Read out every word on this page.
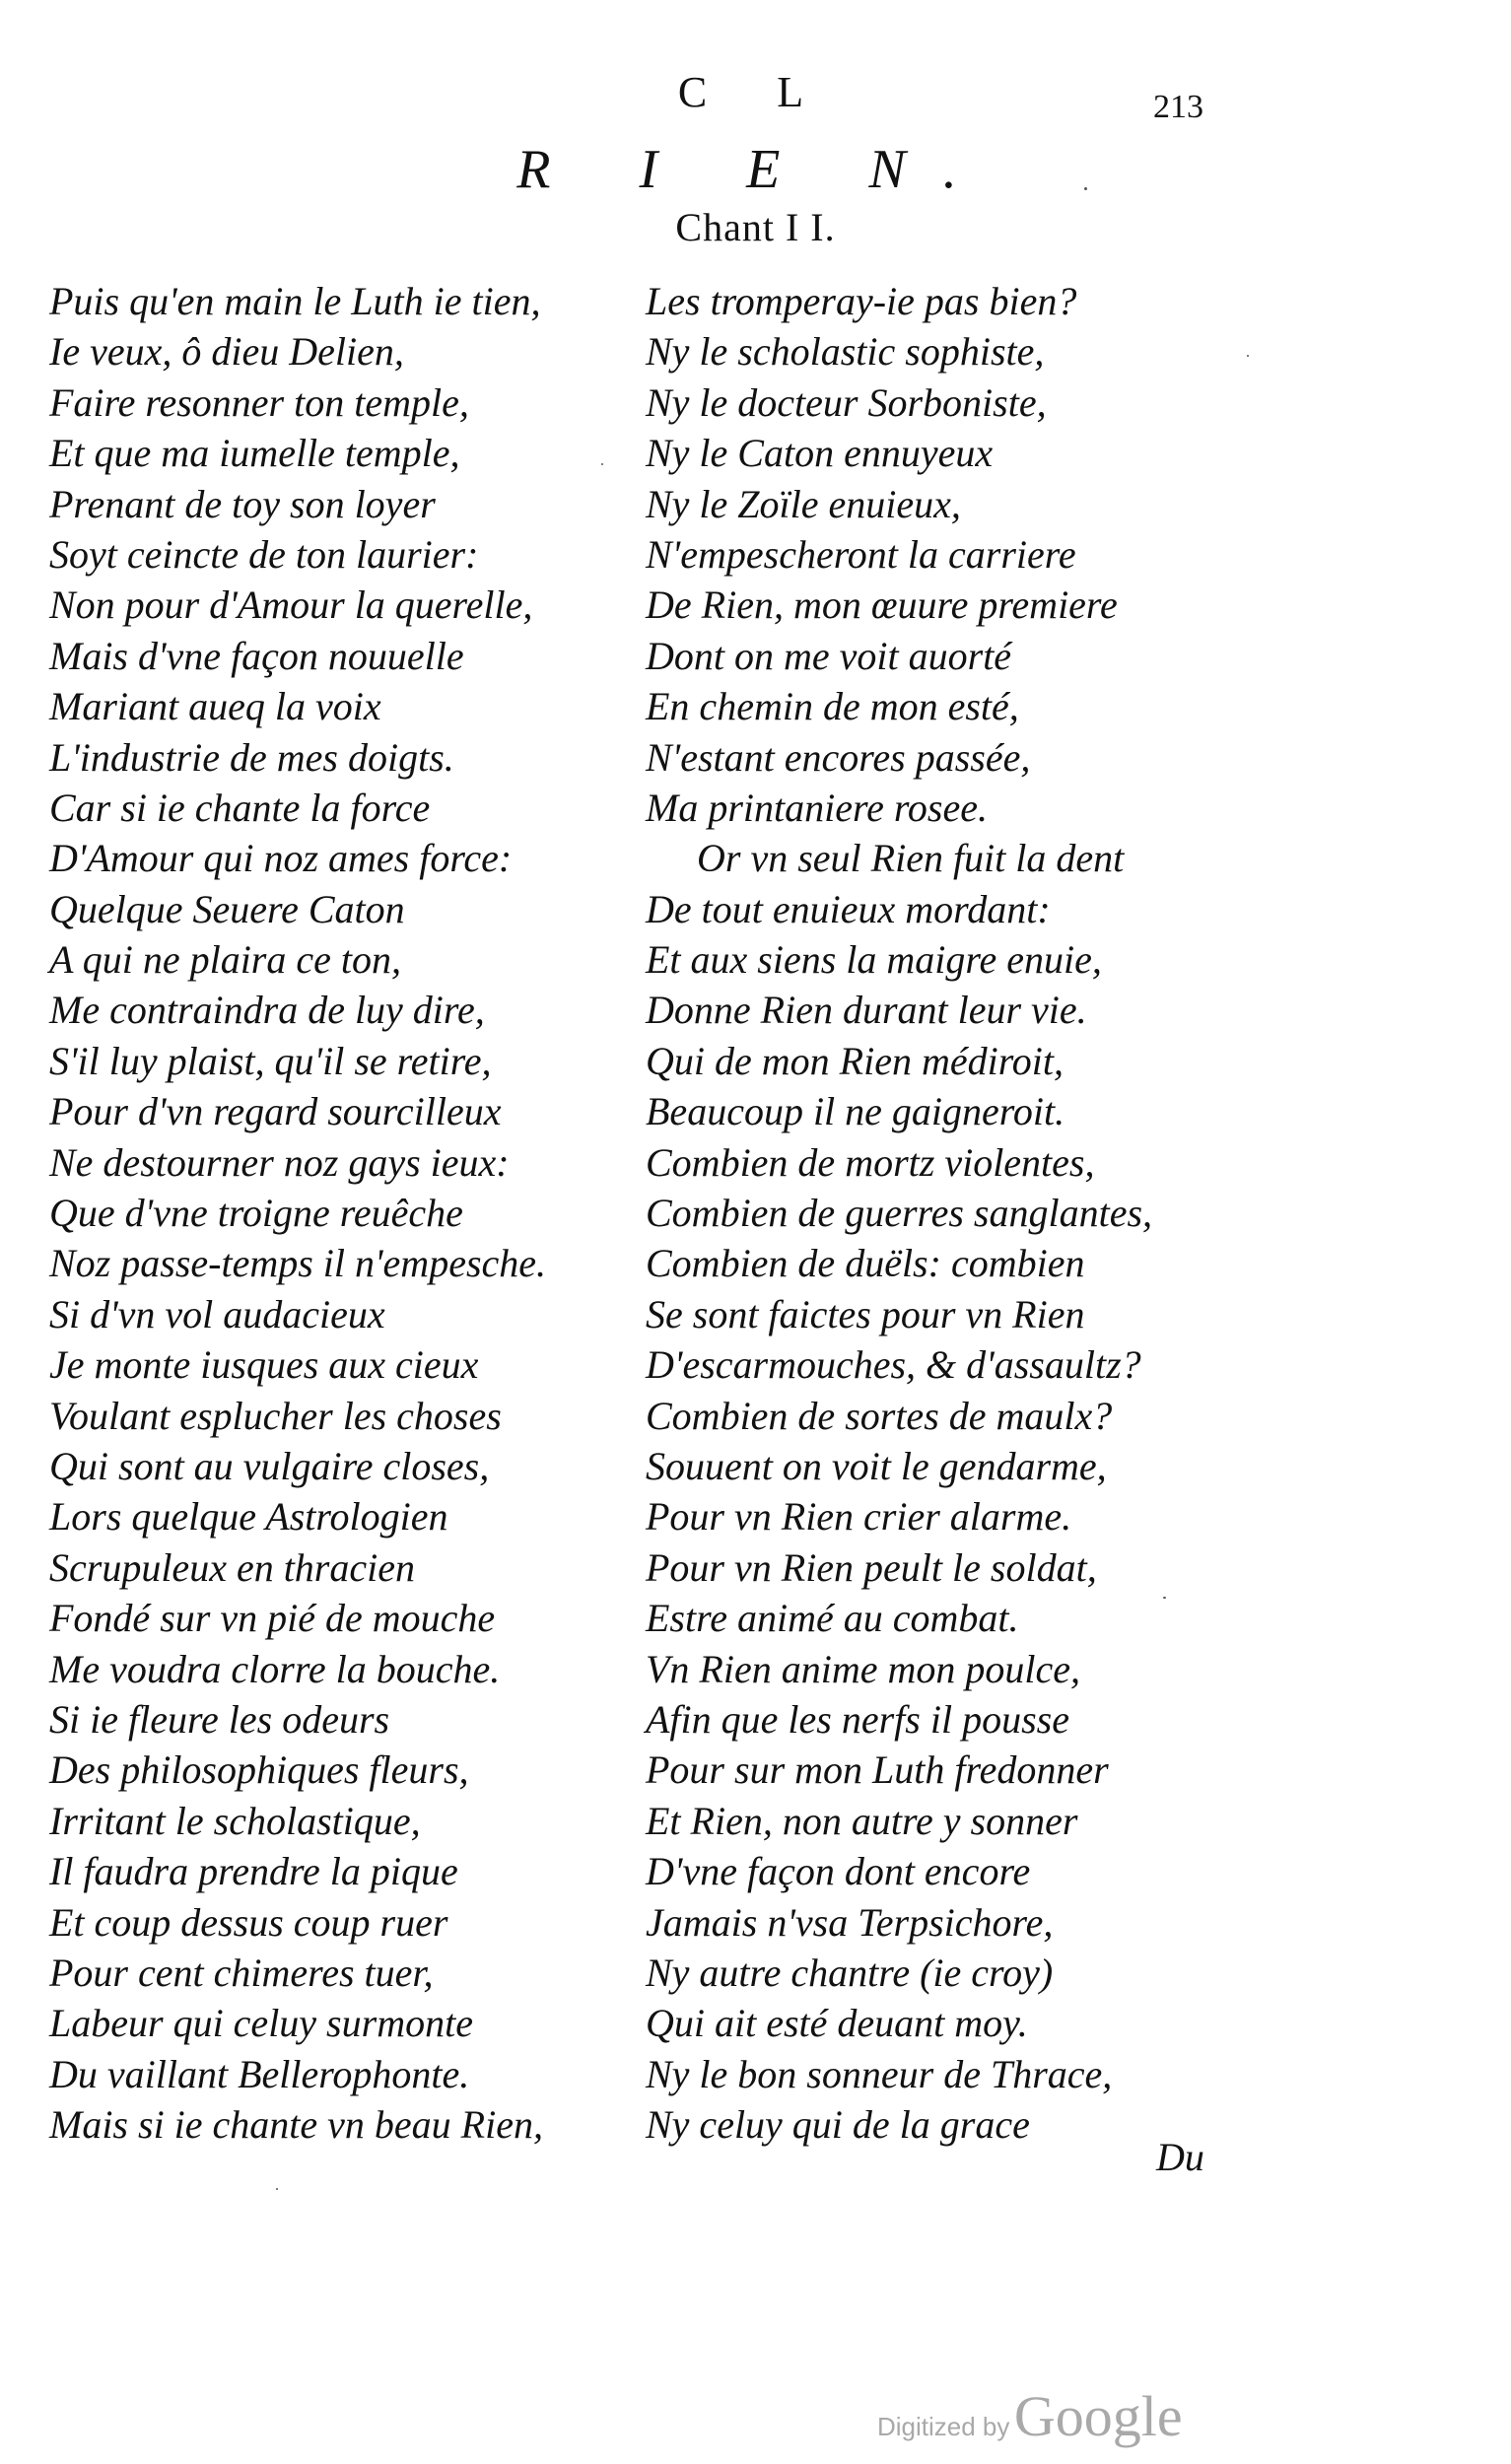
C L	213
R I E N.
Chant I I.
Puis qu'en main le Luth ie tien,
Ie veux, ô dieu Delien,
Faire resonner ton temple,
Et que ma iumelle temple,
Prenant de toy son loyer
Soyt ceincte de ton laurier:
Non pour d'Amour la querelle,
Mais d'vne façon nouuelle
Mariant aueq la voix
L'industrie de mes doigts.
Car si ie chante la force
D'Amour qui noz ames force:
Quelque Seuere Caton
A qui ne plaira ce ton,
Me contraindra de luy dire,
S'il luy plaist, qu'il se retire,
Pour d'vn regard sourcilleux
Ne destourner noz gays ieux:
Que d'vne troigne reuêche
Noz passe-temps il n'empesche.
Si d'vn vol audacieux
Je monte iusques aux cieux
Voulant esplucher les choses
Qui sont au vulgaire closes,
Lors quelque Astrologien
Scrupuleux en thracien
Fondé sur vn pié de mouche
Me voudra clorre la bouche.
Si ie fleure les odeurs
Des philosophiques fleurs,
Irritant le scholastique,
Il faudra prendre la pique
Et coup dessus coup ruer
Pour cent chimeres tuer,
Labeur qui celuy surmonte
Du vaillant Bellerophonte.
Mais si ie chante vn beau Rien,
Les tromperay-ie pas bien?
Ny le scholastic sophiste,
Ny le docteur Sorboniste,
Ny le Caton ennuyeux
Ny le Zoïle enuieux,
N'empescheront la carriere
De Rien, mon œuure premiere
Dont on me voit auorté
En chemin de mon esté,
N'estant encores passée,
Ma printaniere rosee.
Or vn seul Rien fuit la dent
De tout enuieux mordant:
Et aux siens la maigre enuie,
Donne Rien durant leur vie.
Qui de mon Rien médiroit,
Beaucoup il ne gaigneroit.
Combien de mortz violentes,
Combien de guerres sanglantes,
Combien de duëls: combien
Se sont faictes pour vn Rien
D'escarmouches, & d'assaultz?
Combien de sortes de maulx?
Souuent on voit le gendarme,
Pour vn Rien crier alarme.
Pour vn Rien peult le soldat,
Estre animé au combat.
Vn Rien anime mon poulce,
Afin que les nerfs il pousse
Pour sur mon Luth fredonner
Et Rien, non autre y sonner
D'vne façon dont encore
Jamais n'vsa Terpsichore,
Ny autre chantre (ie croy)
Qui ait esté deuant moy.
Ny le bon sonneur de Thrace,
Ny celuy qui de la grace
Du
Digitized by Google
